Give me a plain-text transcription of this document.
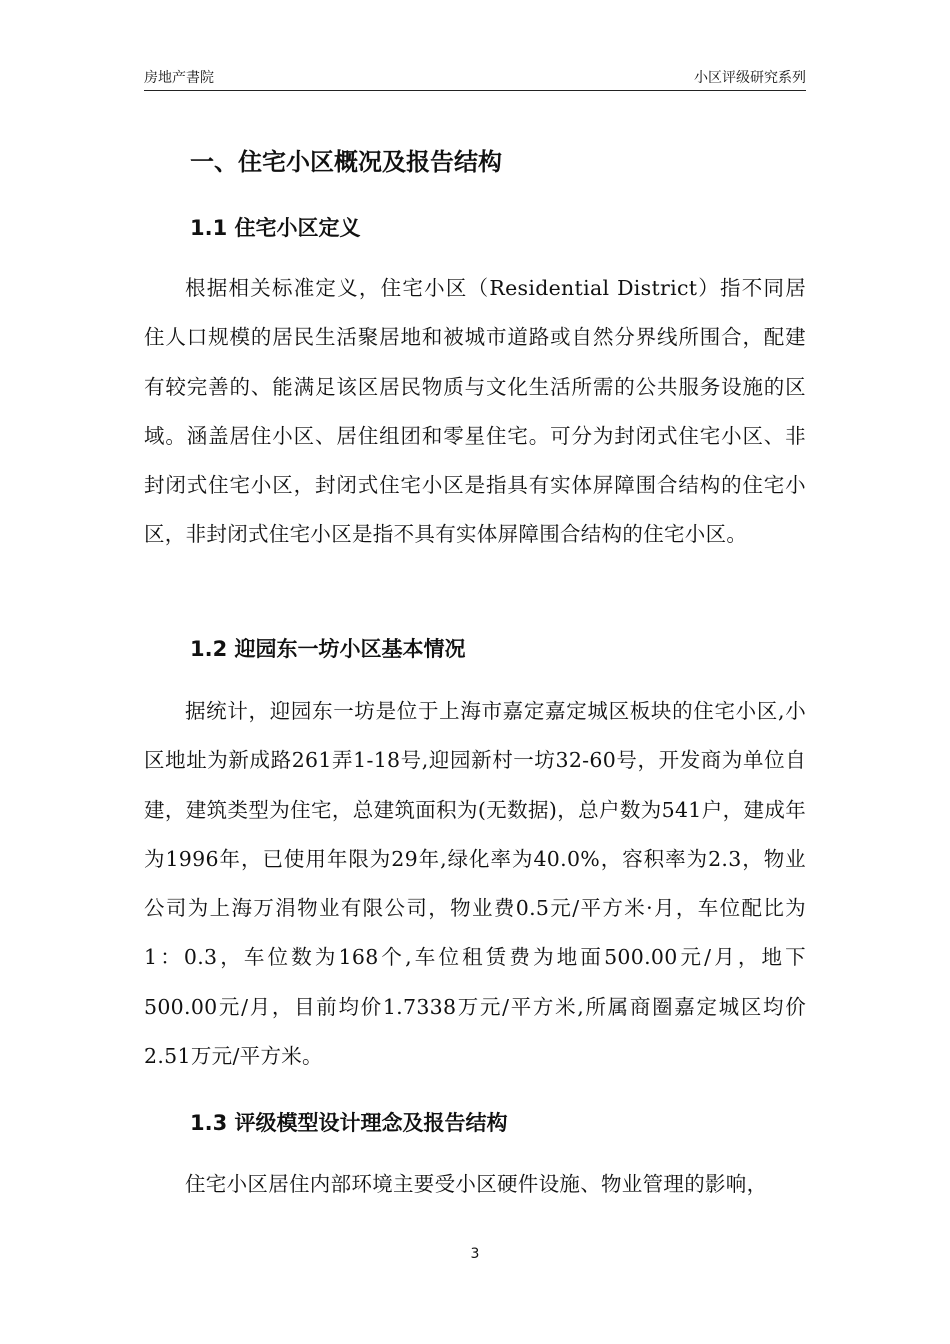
房地产書院	小区评级研究系列
一、住宅小区概况及报告结构
1.1 住宅小区定义

根据相关标准定义，住宅小区（Residential District）指不同居住人口规模的居民生活聚居地和被城市道路或自然分界线所围合，配建有较完善的、能满足该区居民物质与文化生活所需的公共服务设施的区域。涵盖居住小区、居住组团和零星住宅。可分为封闭式住宅小区、非封闭式住宅小区，封闭式住宅小区是指具有实体屏障围合结构的住宅小区，非封闭式住宅小区是指不具有实体屏障围合结构的住宅小区。

1.2 迎园东一坊小区基本情况

据统计，迎园东一坊是位于上海市嘉定嘉定城区板块的住宅小区,小区地址为新成路261弄1-18号,迎园新村一坊32-60号，开发商为单位自建，建筑类型为住宅，总建筑面积为(无数据)，总户数为541户，建成年为1996年，已使用年限为29年,绿化率为40.0%，容积率为2.3，物业公司为上海万涓物业有限公司，物业费0.5元/平方米·月，车位配比为1：0.3，车位数为168个,车位租赁费为地面500.00元/月，地下500.00元/月，目前均价1.7338万元/平方米,所属商圈嘉定城区均价2.51万元/平方米。

1.3 评级模型设计理念及报告结构

住宅小区居住内部环境主要受小区硬件设施、物业管理的影响，

3
